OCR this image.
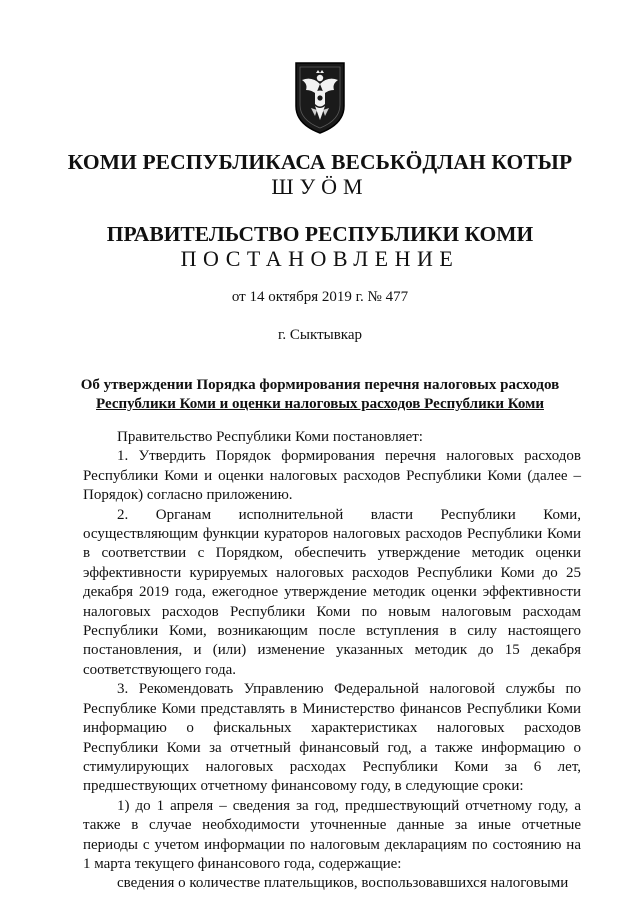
КОМИ РЕСПУБЛИКАСА ВЕСЬКӦДЛАН КОТЫР
ШУӦМ
ПРАВИТЕЛЬСТВО РЕСПУБЛИКИ КОМИ
ПОСТАНОВЛЕНИЕ
от 14 октября 2019 г. № 477
г. Сыктывкар
Об утверждении Порядка формирования перечня налоговых расходов
Республики Коми и оценки налоговых расходов Республики Коми

Правительство Республики Коми постановляет:

1. Утвердить Порядок формирования перечня налоговых расходов Республики Коми и оценки налоговых расходов Республики Коми (далее – Порядок) согласно приложению.

2. Органам исполнительной власти Республики Коми, осуществляющим функции кураторов налоговых расходов Республики Коми в соответствии с Порядком, обеспечить утверждение методик оценки эффективности курируемых налоговых расходов Республики Коми до 25 декабря 2019 года, ежегодное утверждение методик оценки эффективности налоговых расходов Республики Коми по новым налоговым расходам Республики Коми, возникающим после вступления в силу настоящего постановления, и (или) изменение указанных методик до 15 декабря соответствующего года.

3. Рекомендовать Управлению Федеральной налоговой службы по Республике Коми представлять в Министерство финансов Республики Коми информацию о фискальных характеристиках налоговых расходов Республики Коми за отчетный финансовый год, а также информацию о стимулирующих налоговых расходах Республики Коми за 6 лет, предшествующих отчетному финансовому году, в следующие сроки:

1) до 1 апреля – сведения за год, предшествующий отчетному году, а также в случае необходимости уточненные данные за иные отчетные периоды с учетом информации по налоговым декларациям по состоянию на 1 марта текущего финансового года, содержащие:

сведения о количестве плательщиков, воспользовавшихся налоговыми
